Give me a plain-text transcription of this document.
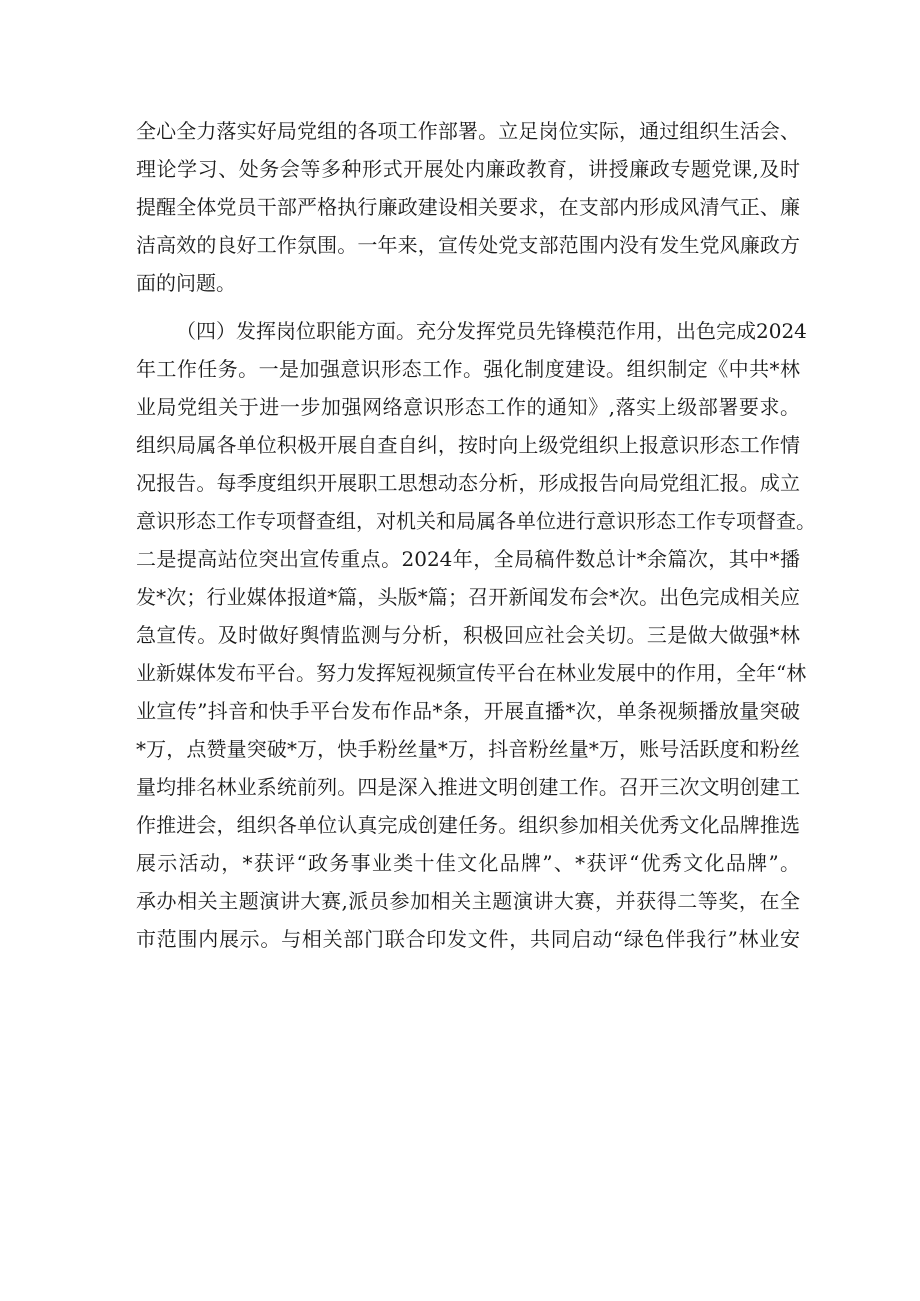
全心全力落实好局党组的各项工作部署。立足岗位实际，通过组织生活会、
理论学习、处务会等多种形式开展处内廉政教育，讲授廉政专题党课,及时
提醒全体党员干部严格执行廉政建设相关要求，在支部内形成风清气正、廉
洁高效的良好工作氛围。一年来，宣传处党支部范围内没有发生党风廉政方
面的问题。
（四）发挥岗位职能方面。充分发挥党员先锋模范作用，出色完成2024
年工作任务。一是加强意识形态工作。强化制度建设。组织制定《中共*林
业局党组关于进一步加强网络意识形态工作的通知》,落实上级部署要求。
组织局属各单位积极开展自查自纠，按时向上级党组织上报意识形态工作情
况报告。每季度组织开展职工思想动态分析，形成报告向局党组汇报。成立
意识形态工作专项督查组，对机关和局属各单位进行意识形态工作专项督查。
二是提高站位突出宣传重点。2024年，全局稿件数总计*余篇次，其中*播
发*次；行业媒体报道*篇，头版*篇；召开新闻发布会*次。出色完成相关应
急宣传。及时做好舆情监测与分析，积极回应社会关切。三是做大做强*林
业新媒体发布平台。努力发挥短视频宣传平台在林业发展中的作用，全年“林
业宣传”抖音和快手平台发布作品*条，开展直播*次，单条视频播放量突破
*万，点赞量突破*万，快手粉丝量*万，抖音粉丝量*万，账号活跃度和粉丝
量均排名林业系统前列。四是深入推进文明创建工作。召开三次文明创建工
作推进会，组织各单位认真完成创建任务。组织参加相关优秀文化品牌推选
展示活动，*获评“政务事业类十佳文化品牌”、*获评“优秀文化品牌”。
承办相关主题演讲大赛,派员参加相关主题演讲大赛，并获得二等奖，在全
市范围内展示。与相关部门联合印发文件，共同启动“绿色伴我行”林业安
